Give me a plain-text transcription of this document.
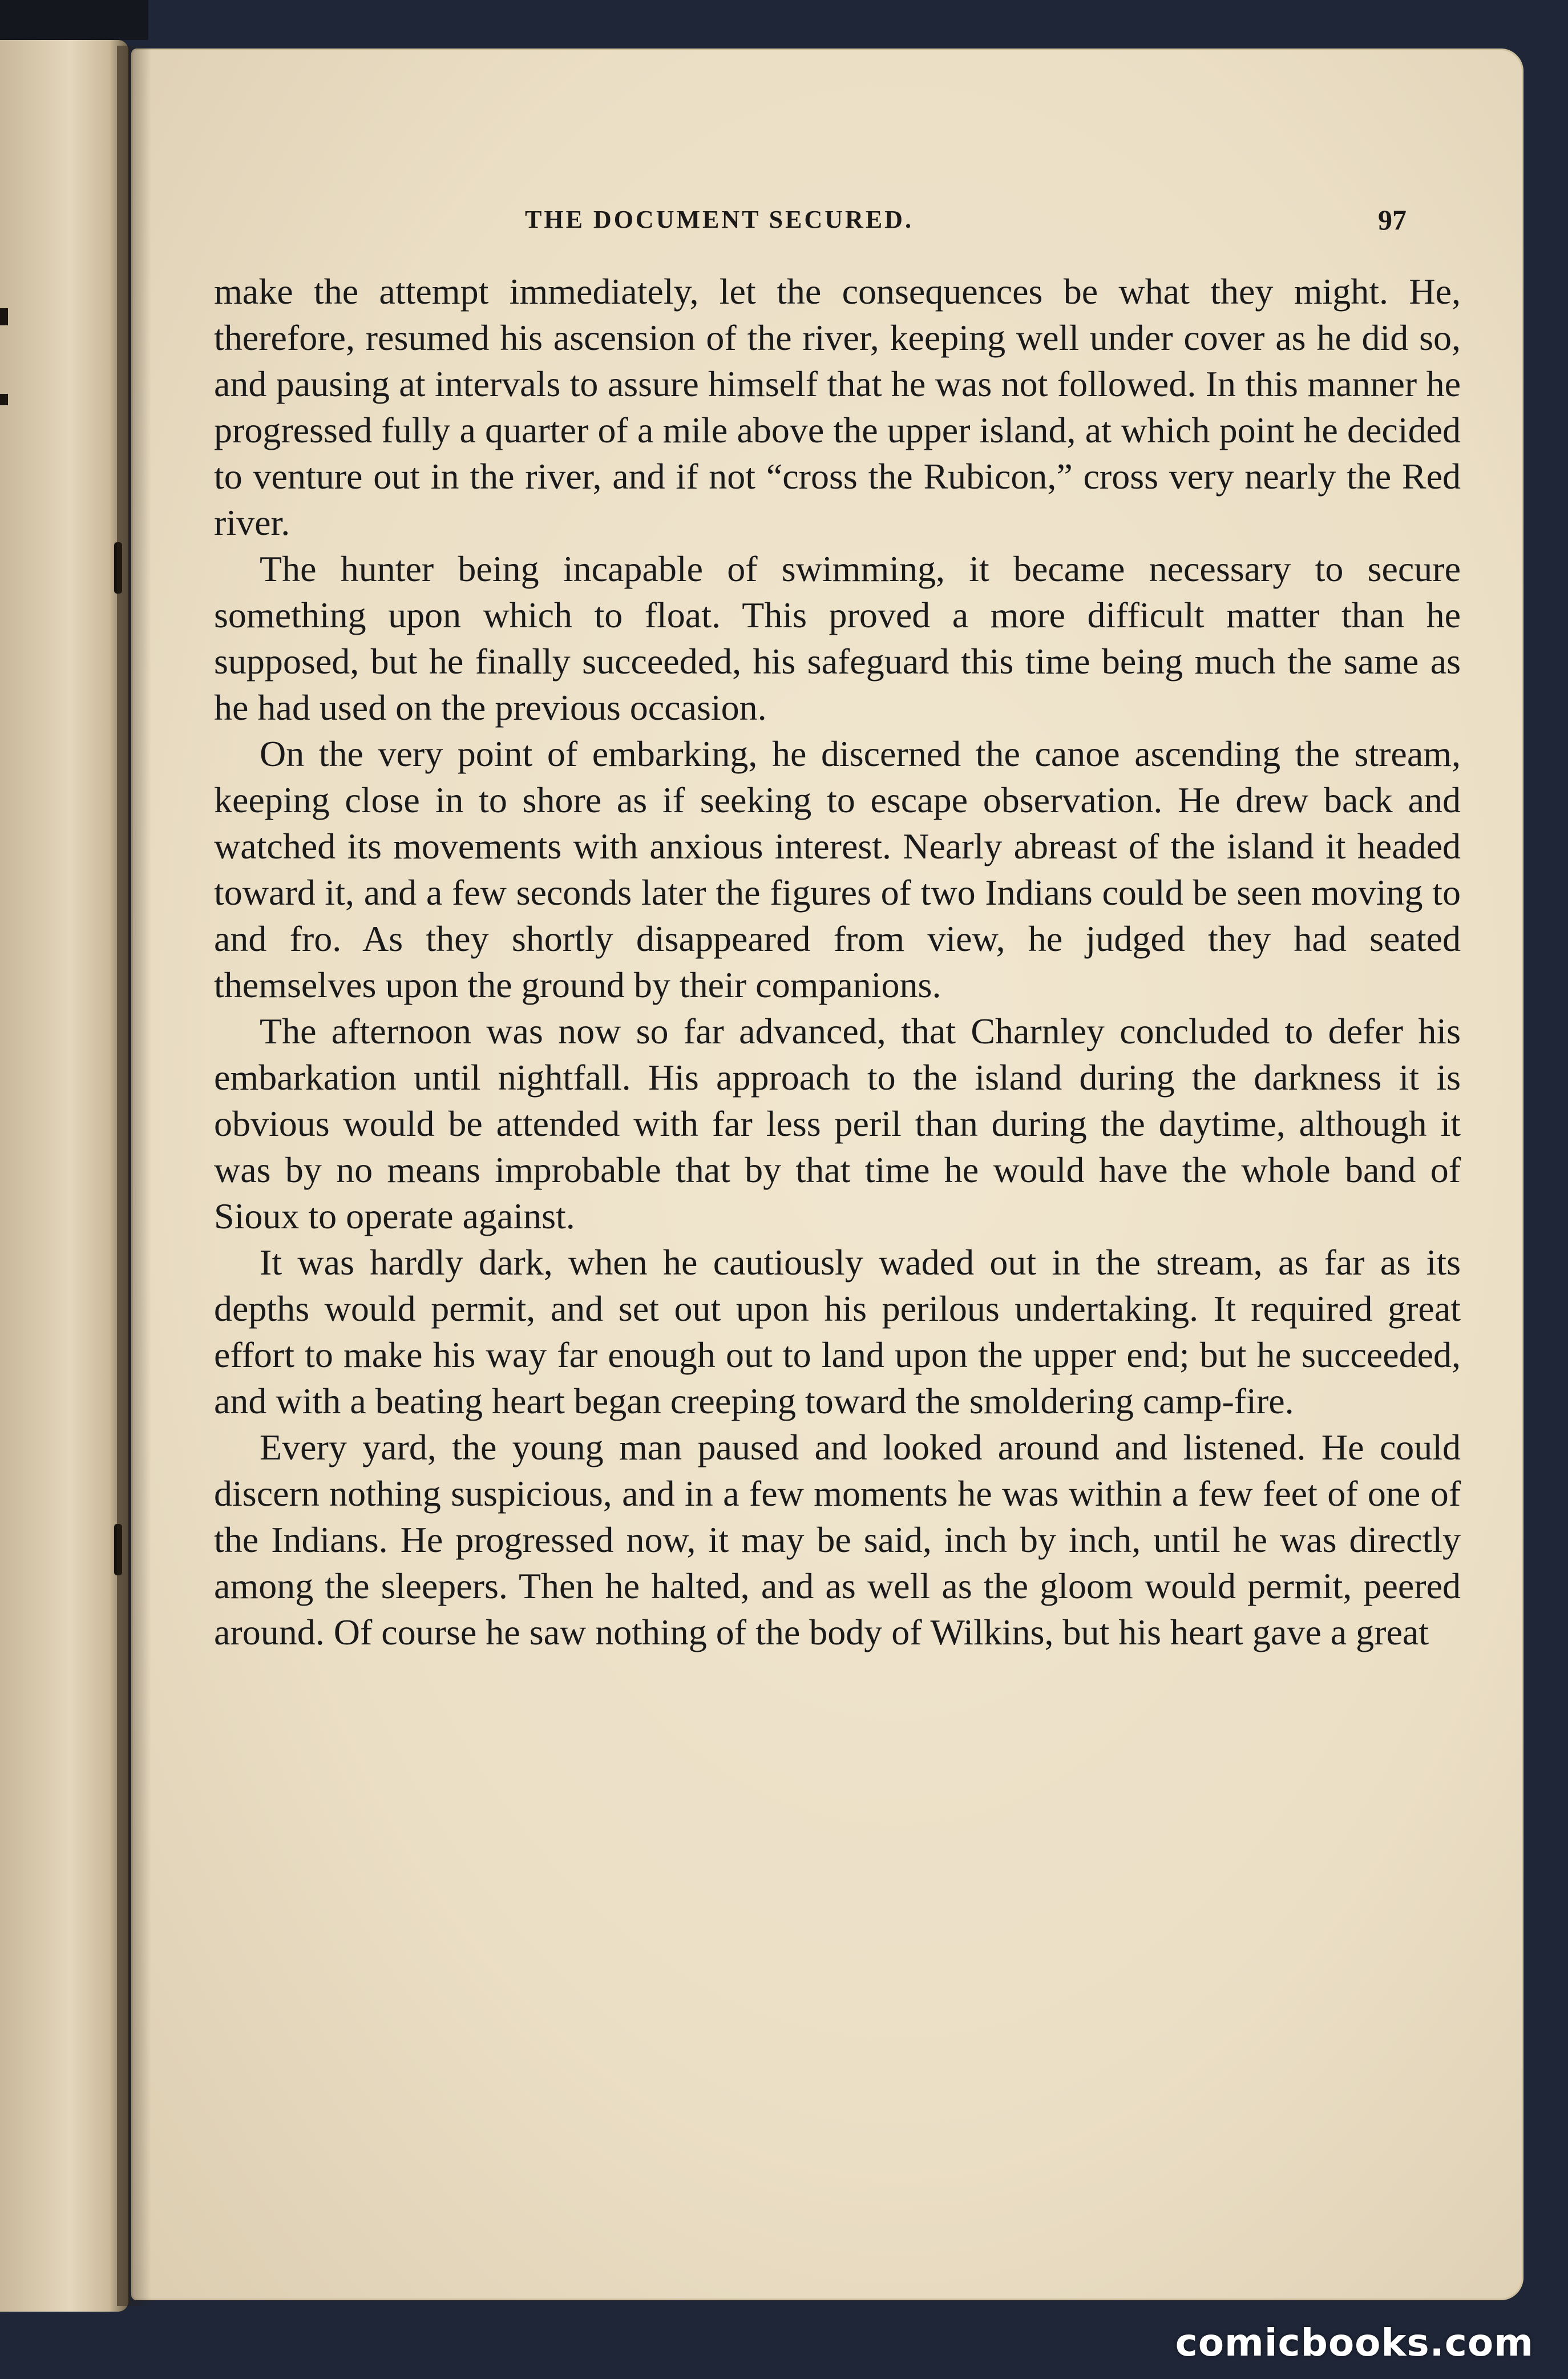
THE DOCUMENT SECURED.	97

make the attempt immediately, let the consequences be what they might. He, therefore, resumed his ascension of the river, keeping well under cover as he did so, and pausing at intervals to assure himself that he was not followed. In this manner he progressed fully a quarter of a mile above the upper island, at which point he decided to venture out in the river, and if not “cross the Rubicon,” cross very nearly the Red river.

The hunter being incapable of swimming, it became necessary to secure something upon which to float. This proved a more difficult matter than he supposed, but he finally succeeded, his safeguard this time being much the same as he had used on the previous occasion.

On the very point of embarking, he discerned the canoe ascending the stream, keeping close in to shore as if seeking to escape observation. He drew back and watched its movements with anxious interest. Nearly abreast of the island it headed toward it, and a few seconds later the figures of two Indians could be seen moving to and fro. As they shortly disappeared from view, he judged they had seated themselves upon the ground by their companions.

The afternoon was now so far advanced, that Charnley concluded to defer his embarkation until nightfall. His approach to the island during the darkness it is obvious would be attended with far less peril than during the daytime, although it was by no means improbable that by that time he would have the whole band of Sioux to operate against.

It was hardly dark, when he cautiously waded out in the stream, as far as its depths would permit, and set out upon his perilous undertaking. It required great effort to make his way far enough out to land upon the upper end; but he succeeded, and with a beating heart began creeping toward the smoldering camp-fire.

Every yard, the young man paused and looked around and listened. He could discern nothing suspicious, and in a few moments he was within a few feet of one of the Indians. He progressed now, it may be said, inch by inch, until he was directly among the sleepers. Then he halted, and as well as the gloom would permit, peered around. Of course he saw nothing of the body of Wilkins, but his heart gave a great

comicbooks.com
